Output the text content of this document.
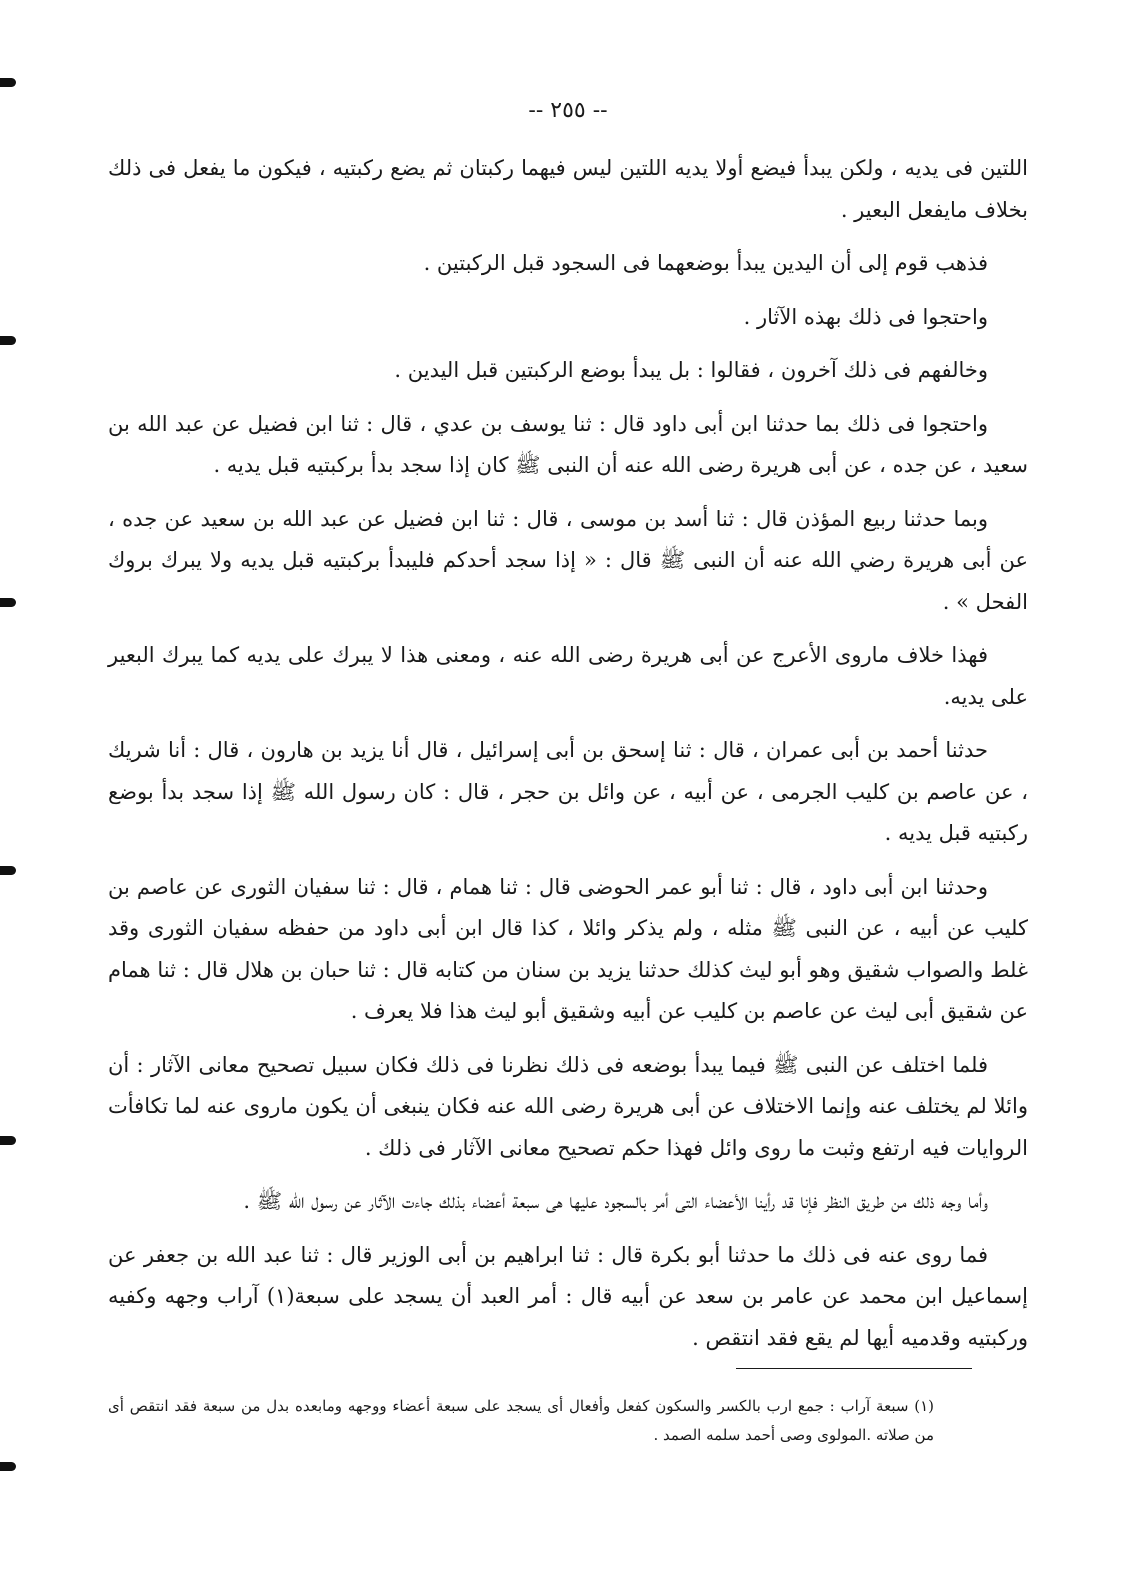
-- ٢٥٥ --

اللتين فى يديه ، ولكن يبدأ فيضع أولا يديه اللتين ليس فيهما ركبتان ثم يضع ركبتيه ، فيكون ما يفعل فى ذلك بخلاف مايفعل البعير .

فذهب قوم إلى أن اليدين يبدأ بوضعهما فى السجود قبل الركبتين .

واحتجوا فى ذلك بهذه الآثار .

وخالفهم فى ذلك آخرون ، فقالوا : بل يبدأ بوضع الركبتين قبل اليدين .

واحتجوا فى ذلك بما حدثنا ابن أبى داود قال : ثنا يوسف بن عدي ، قال : ثنا ابن فضيل عن عبد الله بن سعيد ، عن جده ، عن أبى هريرة رضى الله عنه أن النبى ﷺ كان إذا سجد بدأ بركبتيه قبل يديه .

وبما حدثنا ربيع المؤذن قال : ثنا أسد بن موسى ، قال : ثنا ابن فضيل عن عبد الله بن سعيد عن جده ، عن أبى هريرة رضي الله عنه أن النبى ﷺ قال : « إذا سجد أحدكم فليبدأ بركبتيه قبل يديه ولا يبرك بروك الفحل » .

فهذا خلاف ماروى الأعرج عن أبى هريرة رضى الله عنه ، ومعنى هذا لا يبرك على يديه كما يبرك البعير على يديه.

حدثنا أحمد بن أبى عمران ، قال : ثنا إسحق بن أبى إسرائيل ، قال أنا يزيد بن هارون ، قال : أنا شريك ، عن عاصم بن كليب الجرمى ، عن أبيه ، عن وائل بن حجر ، قال : كان رسول الله ﷺ إذا سجد بدأ بوضع ركبتيه قبل يديه .

وحدثنا ابن أبى داود ، قال : ثنا أبو عمر الحوضى قال : ثنا همام ، قال : ثنا سفيان الثورى عن عاصم بن كليب عن أبيه ، عن النبى ﷺ مثله ، ولم يذكر وائلا ، كذا قال ابن أبى داود من حفظه سفيان الثورى وقد غلط والصواب شقيق وهو أبو ليث كذلك حدثنا يزيد بن سنان من كتابه قال : ثنا حبان بن هلال قال : ثنا همام عن شقيق أبى ليث عن عاصم بن كليب عن أبيه وشقيق أبو ليث هذا فلا يعرف .

فلما اختلف عن النبى ﷺ فيما يبدأ بوضعه فى ذلك نظرنا فى ذلك فكان سبيل تصحيح معانى الآثار : أن وائلا لم يختلف عنه وإنما الاختلاف عن أبى هريرة رضى الله عنه فكان ينبغى أن يكون ماروى عنه لما تكافأت الروايات فيه ارتفع وثبت ما روى وائل فهذا حكم تصحيح معانى الآثار فى ذلك .

وأما وجه ذلك من طريق النظر فإنا قد رأينا الأعضاء التى أمر بالسجود عليها هى سبعة أعضاء بذلك جاءت الآثار عن رسول الله ﷺ .

فما روى عنه فى ذلك ما حدثنا أبو بكرة قال : ثنا ابراهيم بن أبى الوزير قال : ثنا عبد الله بن جعفر عن إسماعيل ابن محمد عن عامر بن سعد عن أبيه قال : أمر العبد أن يسجد على سبعة(١) آراب وجهه وكفيه وركبتيه وقدميه أيها لم يقع فقد انتقص .

(١) سبعة آراب : جمع ارب بالكسر والسكون كفعل وأفعال أى يسجد على سبعة أعضاء ووجهه ومابعده بدل من سبعة فقد انتقص أى من صلاته .المولوى وصى أحمد سلمه الصمد .
